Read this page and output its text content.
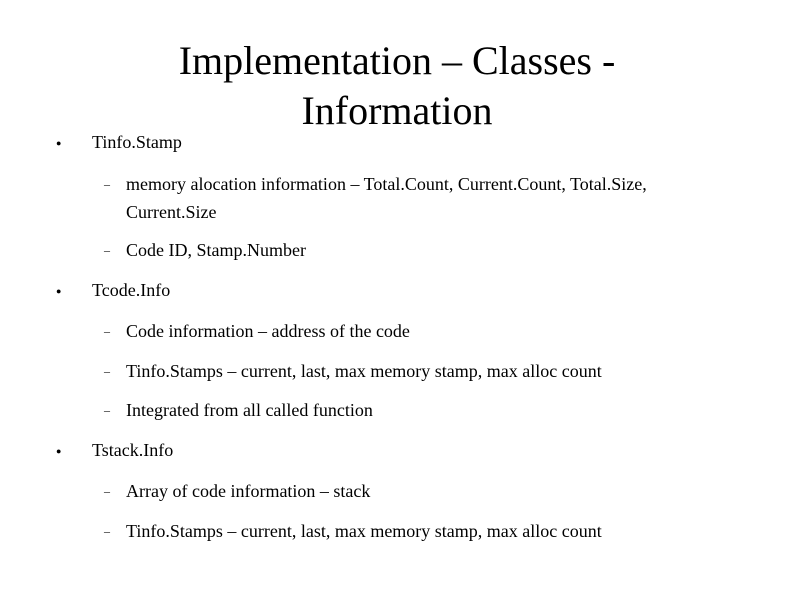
Implementation – Classes -
Information
● Tinfo.Stamp
– memory alocation information – Total.Count, Current.Count, Total.Size, Current.Size
– Code ID, Stamp.Number
● Tcode.Info
– Code information – address of the code
– Tinfo.Stamps – current, last, max memory stamp, max alloc count
– Integrated from all called function
● Tstack.Info
– Array of code information – stack
– Tinfo.Stamps – current, last, max memory stamp, max alloc count
